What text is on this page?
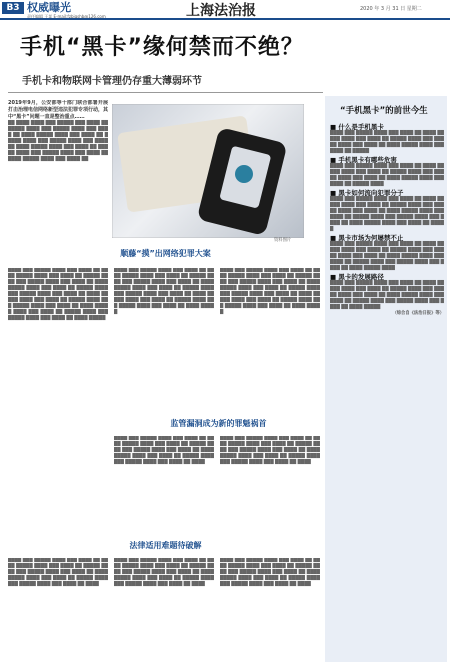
B3 权威曝光
责任编辑 王某 E-mail:fzbjgshb@126.com	上海法治报	2020 年 3 月 31 日 星期二
手机“黑卡”缘何禁而不绝？
手机卡和物联网卡管理仍存重大薄弱环节
2019年9月，公安部等十部门联合部署开展打击治理电信网络新型违法犯罪专项行动，其中“黑卡”问题一直是整治重点……
██ ████ ████ ███ █████ ███ ████ ██ █████ ████ ███ █████ ████ ███ ████ ██ ████ █████ ████ ███ ████ ██ █████ ████ ███ █████ ████ ███ ████ ██ ████ █████ ████ ███ ████ ██ █████ ████ ███ █████ ████ ███ ████ ██ ████ █████ ████ ███ ████ ██
资料图片
“手机黑卡”的前世今生
■ 什么是手机黑卡
████ ███ █████ ████ ███ ████ ██ ████ █████ ████ ███ ████ ██ █████ ████ ███ █████ ████ ███ ████ ██ ████ █████ ████ ███ ████ ██ █████
■ 手机黑卡有哪些危害
████ ███ █████ ████ ███ ████ ██ ████ █████ ████ ███ ████ ██ █████ ████ ███ █████ ████ ███ ████ ██ ████ █████ ████ ███ ████ ██ █████ ████
■ 黑卡如何流向犯罪分子
████ ███ █████ ████ ███ ████ ██ ████ █████ ████ ███ ████ ██ █████ ████ ███ █████ ████ ███ ████ ██ ████ █████ ████ ███ ████ ██ █████ ████ ███ █████ ████ ███ ████ ██ ████ █████ ████ ███ ████ ██ █████
■ 黑卡市场为何屡禁不止
████ ███ █████ ████ ███ ████ ██ ████ █████ ████ ███ ████ ██ █████ ████ ███ █████ ████ ███ ████ ██ ████ █████ ████ ███ ████ ██ █████ ████ ███ █████ ████ ███ ████ ██ ████ █████ ████
■ 黑卡的发展路径
████ ███ █████ ████ ███ ████ ██ ████ █████ ████ ███ ████ ██ █████ ████ ███ █████ ████ ███ ████ ██ ████ █████ ████ ███ ████ ██ █████ ████ ███ █████ ████ ███ ████ ██ ████ █████
（综合自《法治日报》等）
顺藤“摸”出网络犯罪大案
████ ███ █████ ████ ███ ████ ██ ████ █████ ████ ███ ████ ██ █████ ████ ███ █████ ████ ███ ████ ██ ████ █████ ████ ███ ████ ██ █████ ████ ███ █████ ████ ███ ████ ██ ████ █████ ████ ███ ████ ██ █████ ████ ███ █████ ████ ███ ████ ██ ████ █████ ████ ███ ████ ██ █████ ████ ███ █████ ████ ███ ████ ██ ████ █████
████ ███ █████ ████ ███ ████ ██ ████ █████ ████ ███ ████ ██ █████ ████ ███ █████ ████ ███ ████ ██ ████ █████ ████ ███ ████ ██ █████ ████ ███ █████ ████ ███ ████ ██ ████ █████ ████ ███ ████ ██ █████ ████ ███ █████ ████ ███ ████ ██ ████ █████
████ ███ █████ ████ ███ ████ ██ ████ █████ ████ ███ ████ ██ █████ ████ ███ █████ ████ ███ ████ ██ ████ █████ ████ ███ ████ ██ █████ ████ ███ █████ ████ ███ ████ ██ ████ █████ ████ ███ ████ ██ █████ ████ ███ █████ ████ ███ ████ ██ ████ █████
监管漏洞成为新的罪魁祸首
████ ███ █████ ████ ███ ████ ██ ████ █████ ████ ███ ████ ██ █████ ████ ███ █████ ████ ███ ████ ██ ████ █████ ████ ███ ████ ██ █████ ████ ███ █████ ████ ███ ████ ██ ████
████ ███ █████ ████ ███ ████ ██ ████ █████ ████ ███ ████ ██ █████ ████ ███ █████ ████ ███ ████ ██ ████ █████ ████ ███ ████ ██ █████ ████ ███ █████ ████ ███ ████ ██ ████
法律适用难题待破解
████ ███ █████ ████ ███ ████ ██ ████ █████ ████ ███ ████ ██ █████ ████ ███ █████ ████ ███ ████ ██ ████ █████ ████ ███ ████ ██ █████ ████ ███ █████ ████ ███ ████ ██ ████
████ ███ █████ ████ ███ ████ ██ ████ █████ ████ ███ ████ ██ █████ ████ ███ █████ ████ ███ ████ ██ ████ █████ ████ ███ ████ ██ █████ ████ ███ █████ ████ ███ ████ ██ ████
████ ███ █████ ████ ███ ████ ██ ████ █████ ████ ███ ████ ██ █████ ████ ███ █████ ████ ███ ████ ██ ████ █████ ████ ███ ████ ██ █████ ████ ███ █████ ████ ███ ████ ██ ████
